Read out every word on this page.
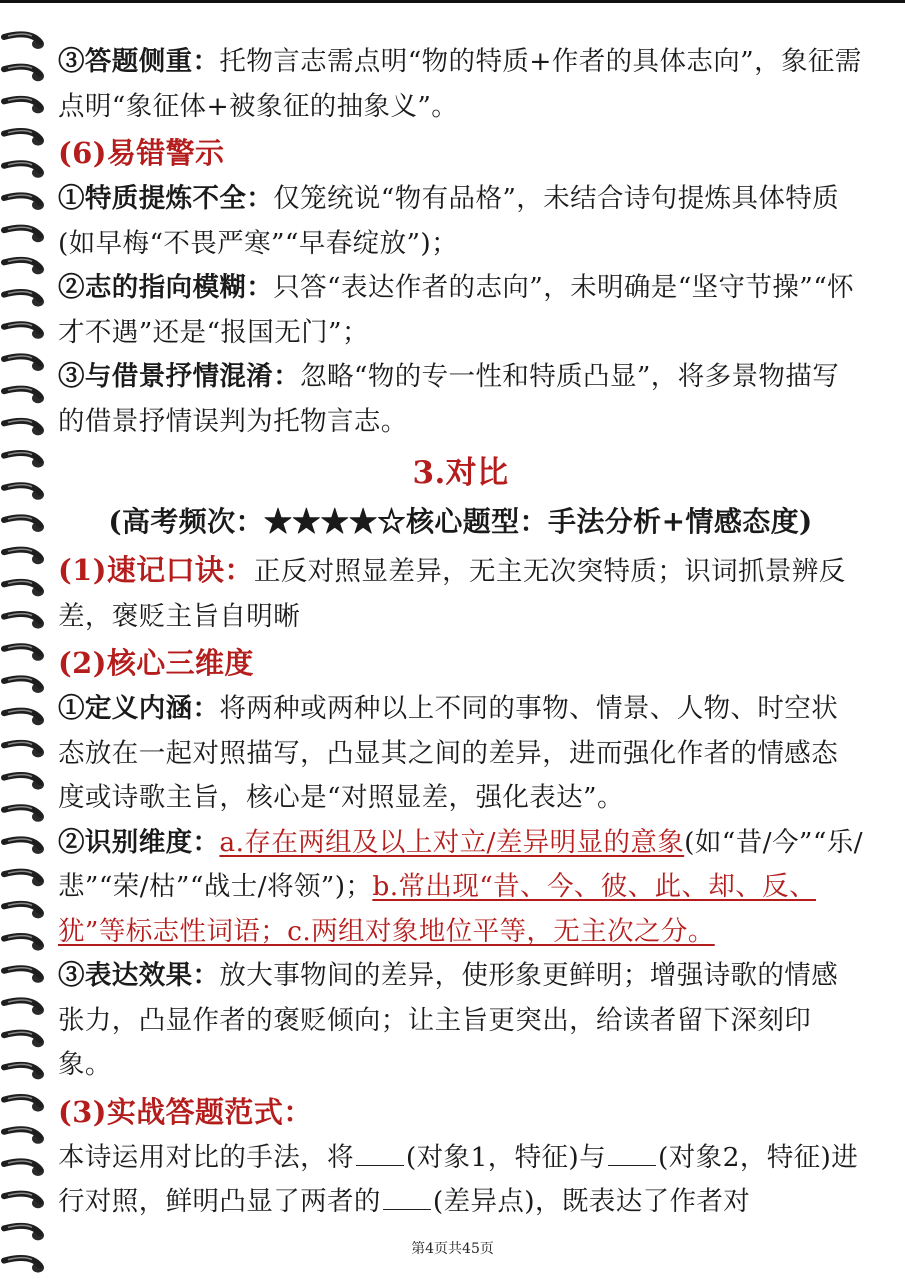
③答题侧重：托物言志需点明“物的特质+作者的具体志向”，象征需点明“象征体+被象征的抽象义”。

(6)易错警示

①特质提炼不全：仅笼统说“物有品格”，未结合诗句提炼具体特质(如早梅“不畏严寒”“早春绽放”)；

②志的指向模糊：只答“表达作者的志向”，未明确是“坚守节操”“怀才不遇”还是“报国无门”；

③与借景抒情混淆：忽略“物的专一性和特质凸显”，将多景物描写的借景抒情误判为托物言志。

3.对比
(高考频次：★★★★☆核心题型：手法分析+情感态度)

(1)速记口诀：正反对照显差异，无主无次突特质；识词抓景辨反差，褒贬主旨自明晰

(2)核心三维度

①定义内涵：将两种或两种以上不同的事物、情景、人物、时空状态放在一起对照描写，凸显其之间的差异，进而强化作者的情感态度或诗歌主旨，核心是“对照显差，强化表达”。

②识别维度：a.存在两组及以上对立/差异明显的意象(如“昔/今”“乐/悲”“荣/枯”“战士/将领”)；b.常出现“昔、今、彼、此、却、反、犹”等标志性词语；c.两组对象地位平等，无主次之分。

③表达效果：放大事物间的差异，使形象更鲜明；增强诗歌的情感张力，凸显作者的褒贬倾向；让主旨更突出，给读者留下深刻印象。

(3)实战答题范式：

本诗运用对比的手法，将 (对象1，特征)与 (对象2，特征)进行对照，鲜明凸显了两者的 (差异点)，既表达了作者对

第4页共45页
